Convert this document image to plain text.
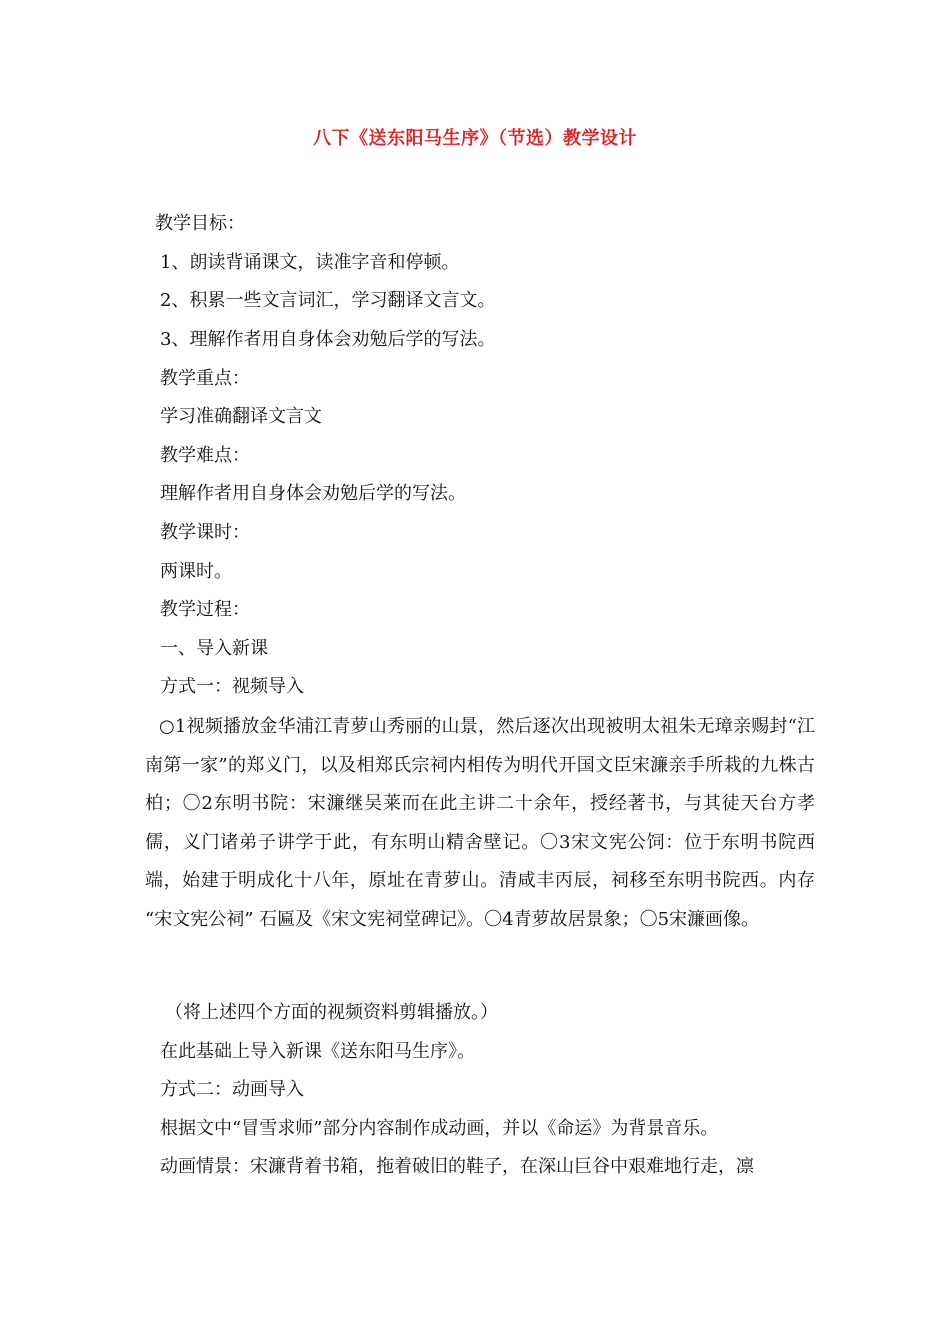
八下《送东阳马生序》（节选）教学设计
教学目标：
1、朗读背诵课文，读准字音和停顿。
2、积累一些文言词汇，学习翻译文言文。
3、理解作者用自身体会劝勉后学的写法。
教学重点：
学习准确翻译文言文
教学难点：
理解作者用自身体会劝勉后学的写法。
教学课时：
两课时。
教学过程：
一、导入新课
方式一：视频导入
○1视频播放金华浦江青萝山秀丽的山景，然后逐次出现被明太祖朱无璋亲赐封“江南第一家”的郑义门，以及相郑氏宗祠内相传为明代开国文臣宋濂亲手所栽的九株古柏；〇2东明书院：宋濂继吴莱而在此主讲二十余年，授经著书，与其徒天台方孝儒，义门诸弟子讲学于此，有东明山精舍壁记。〇3宋文宪公饲：位于东明书院西端，始建于明成化十八年，原址在青萝山。清咸丰丙辰，祠移至东明书院西。内存 “宋文宪公祠” 石匾及《宋文宪祠堂碑记》。〇4青萝故居景象；〇5宋濂画像。
（将上述四个方面的视频资料剪辑播放。）
在此基础上导入新课《送东阳马生序》。
方式二：动画导入
根据文中“冒雪求师”部分内容制作成动画，并以《命运》为背景音乐。
动画情景：宋濂背着书箱，拖着破旧的鞋子，在深山巨谷中艰难地行走，凛
